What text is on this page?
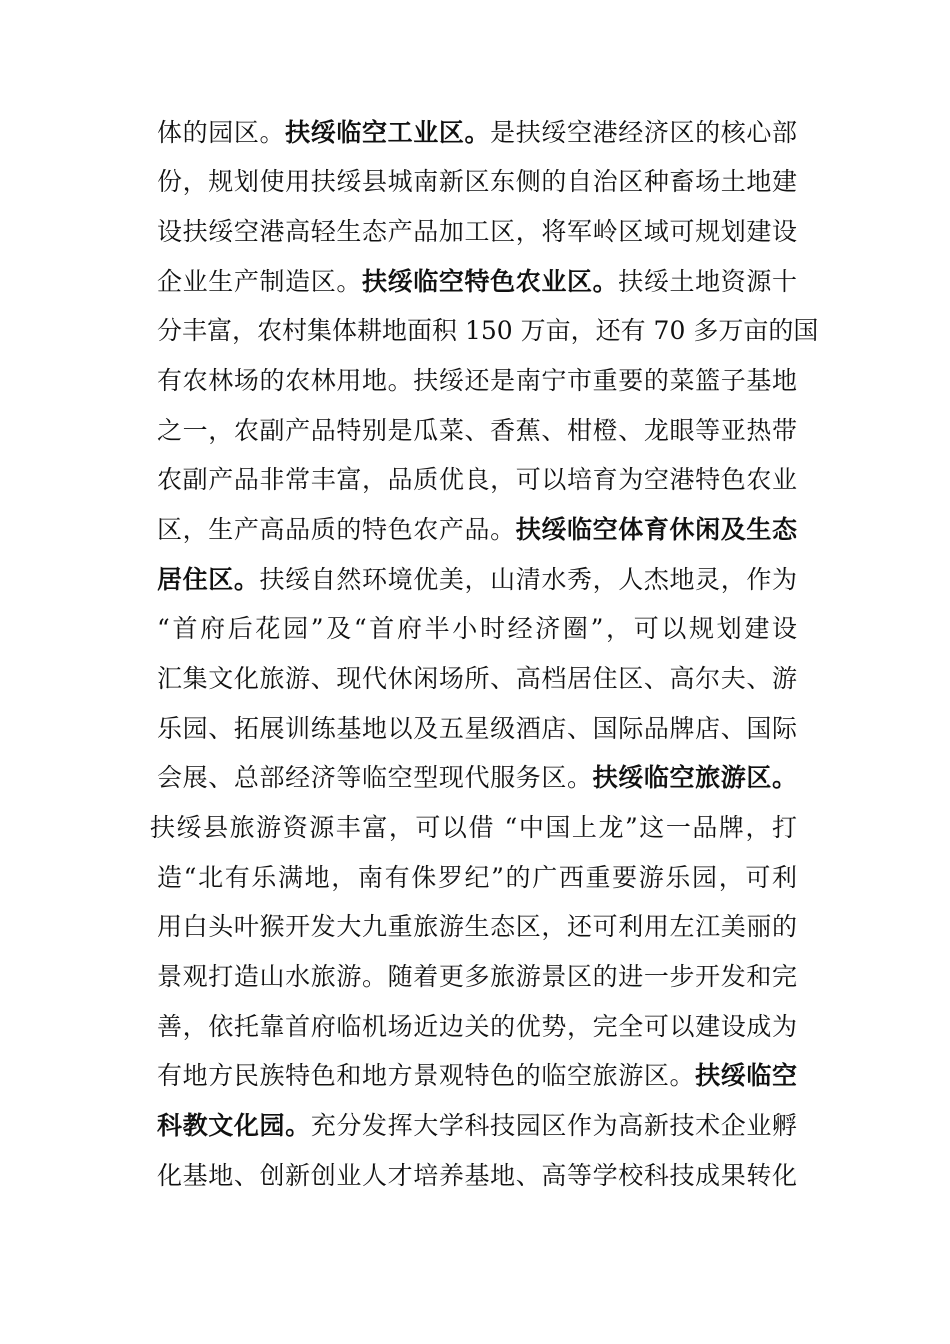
体的园区。扶绥临空工业区。是扶绥空港经济区的核心部
份，规划使用扶绥县城南新区东侧的自治区种畜场土地建
设扶绥空港高轻生态产品加工区，将军岭区域可规划建设
企业生产制造区。扶绥临空特色农业区。扶绥土地资源十
分丰富，农村集体耕地面积 150 万亩，还有 70 多万亩的国
有农林场的农林用地。扶绥还是南宁市重要的菜篮子基地
之一，农副产品特别是瓜菜、香蕉、柑橙、龙眼等亚热带
农副产品非常丰富，品质优良，可以培育为空港特色农业
区，生产高品质的特色农产品。扶绥临空体育休闲及生态
居住区。扶绥自然环境优美，山清水秀，人杰地灵，作为
“首府后花园”及“首府半小时经济圈”，可以规划建设
汇集文化旅游、现代休闲场所、高档居住区、高尔夫、游
乐园、拓展训练基地以及五星级酒店、国际品牌店、国际
会展、总部经济等临空型现代服务区。扶绥临空旅游区。
扶绥县旅游资源丰富，可以借 “中国上龙”这一品牌，打
造“北有乐满地，南有侏罗纪”的广西重要游乐园，可利
用白头叶猴开发大九重旅游生态区，还可利用左江美丽的
景观打造山水旅游。随着更多旅游景区的进一步开发和完
善，依托靠首府临机场近边关的优势，完全可以建设成为
有地方民族特色和地方景观特色的临空旅游区。扶绥临空
科教文化园。充分发挥大学科技园区作为高新技术企业孵
化基地、创新创业人才培养基地、高等学校科技成果转化
